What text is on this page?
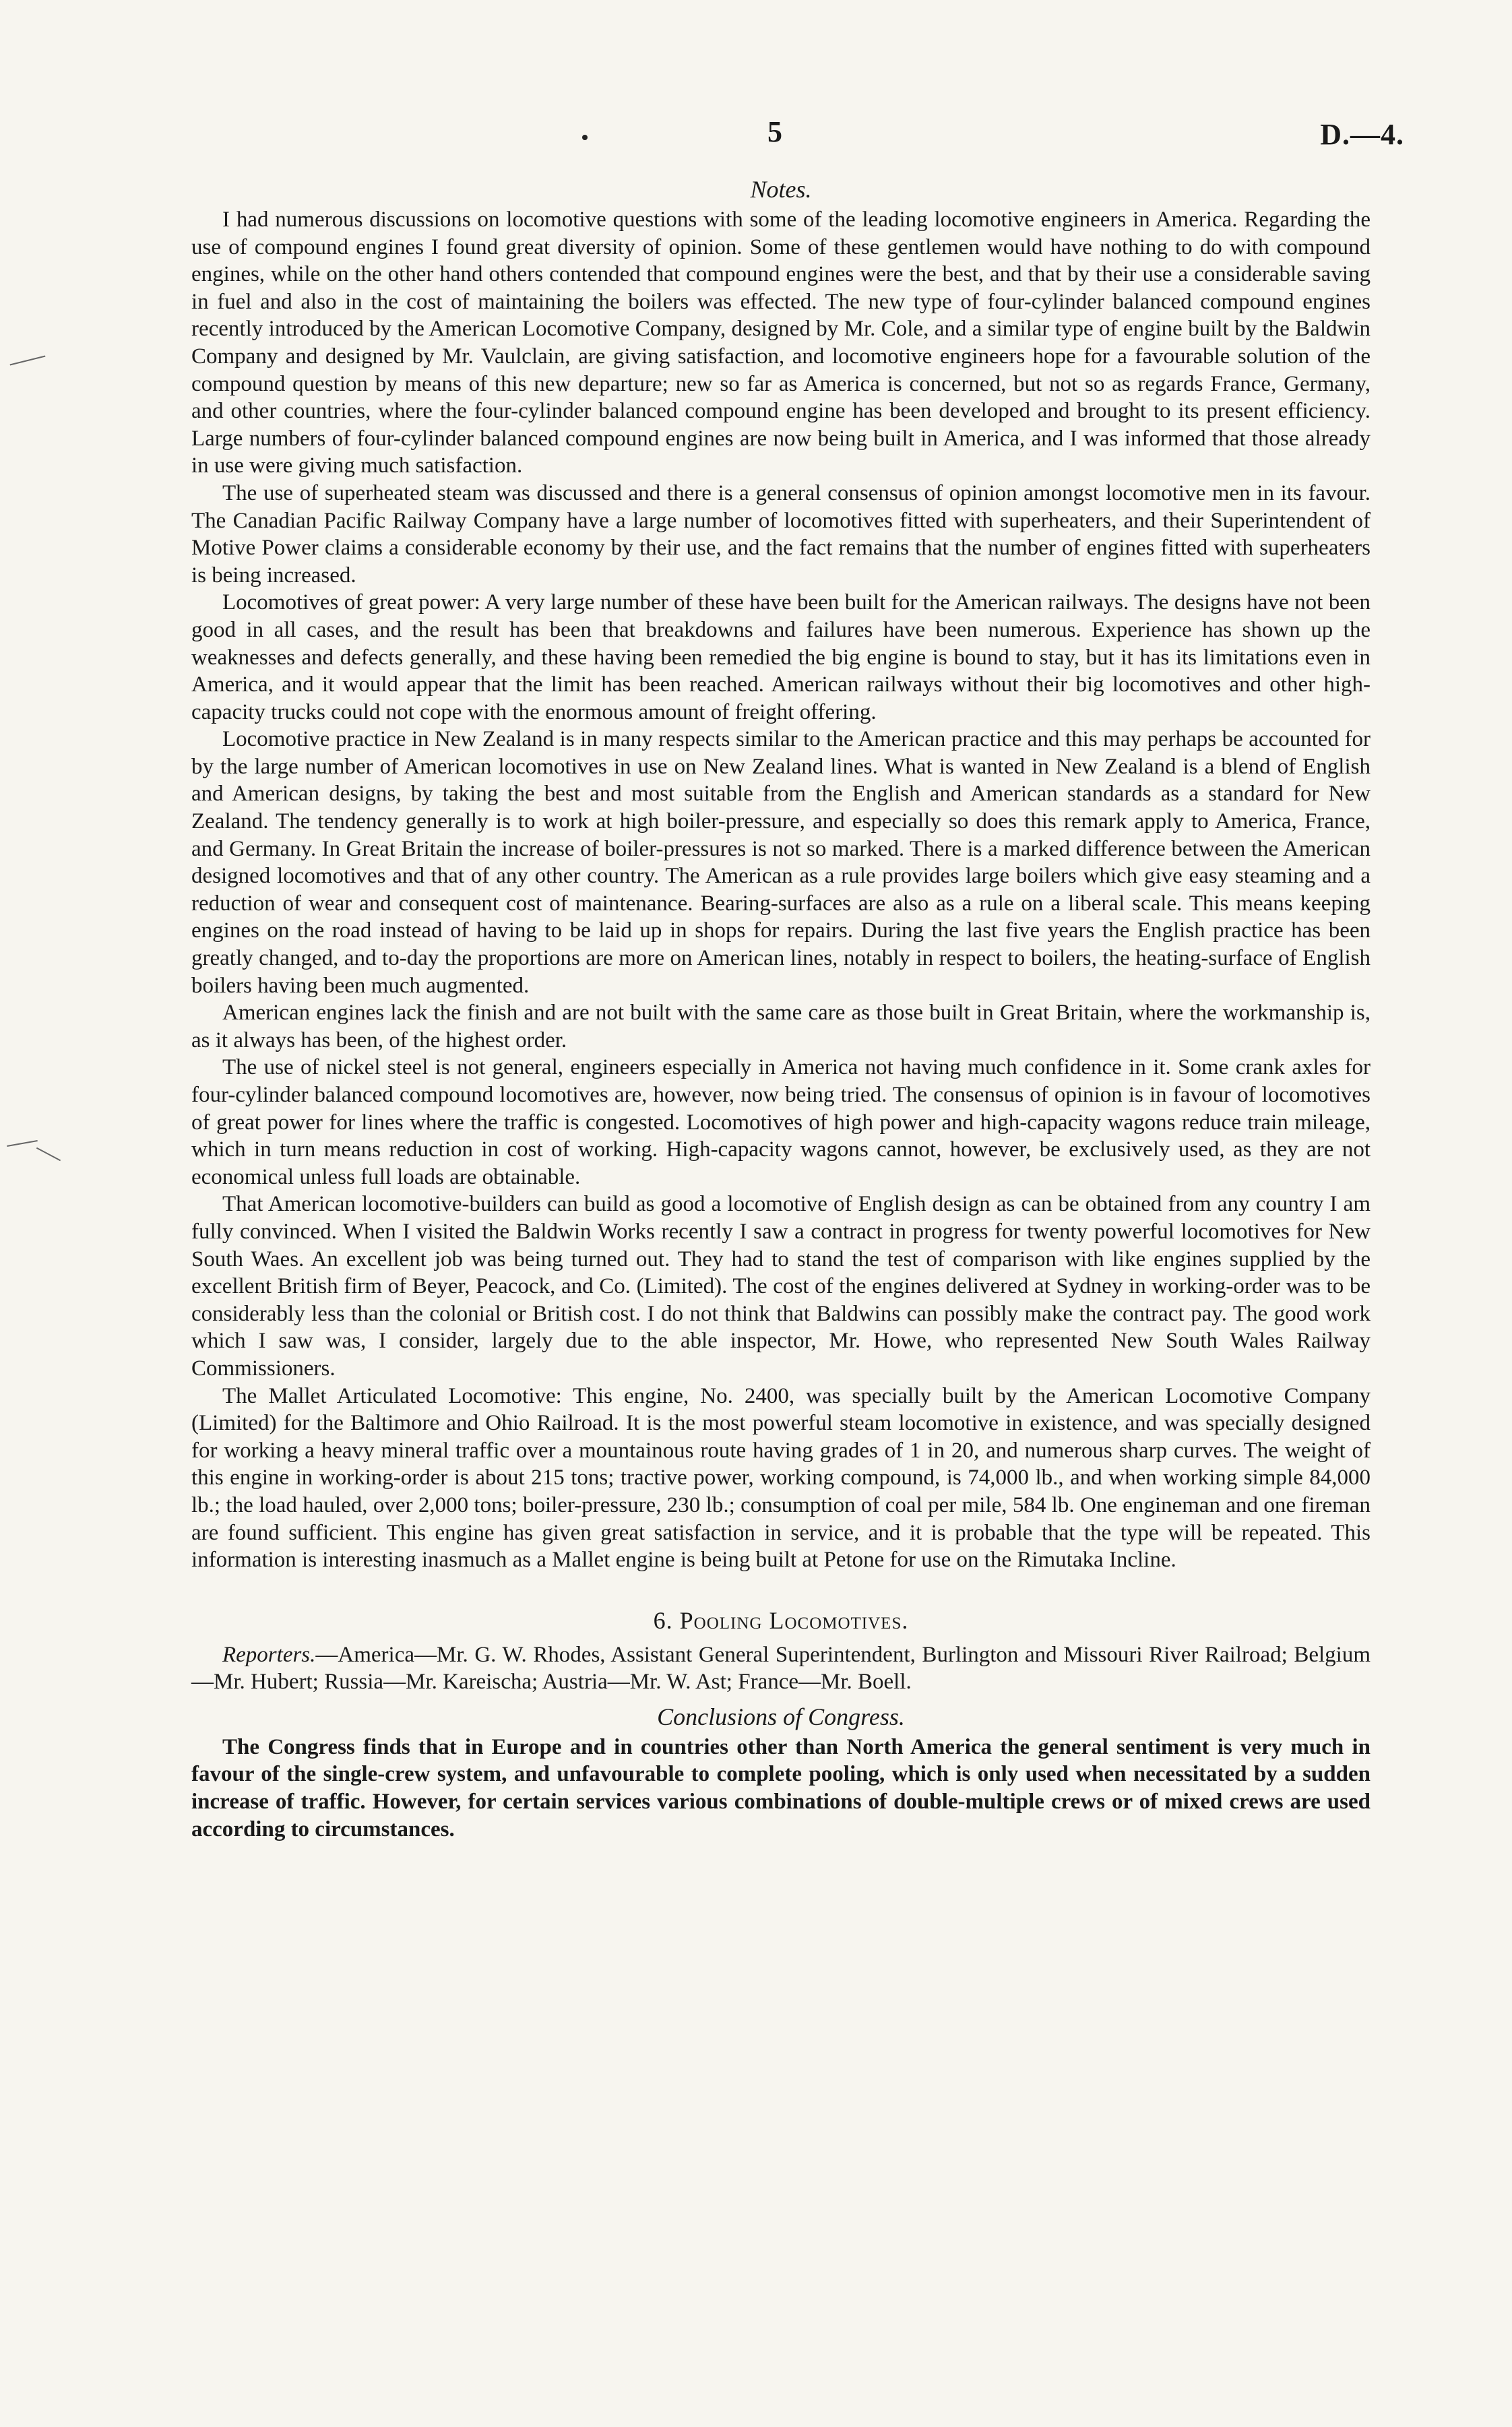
5	D.—4.
Notes.

I had numerous discussions on locomotive questions with some of the leading locomotive engineers in America. Regarding the use of compound engines I found great diversity of opinion. Some of these gentlemen would have nothing to do with compound engines, while on the other hand others contended that compound engines were the best, and that by their use a considerable saving in fuel and also in the cost of maintaining the boilers was effected. The new type of four-cylinder balanced compound engines recently introduced by the American Locomotive Company, designed by Mr. Cole, and a similar type of engine built by the Baldwin Company and designed by Mr. Vaulclain, are giving satisfaction, and locomotive engineers hope for a favourable solution of the compound question by means of this new departure; new so far as America is concerned, but not so as regards France, Germany, and other countries, where the four-cylinder balanced compound engine has been developed and brought to its present efficiency. Large numbers of four-cylinder balanced compound engines are now being built in America, and I was informed that those already in use were giving much satisfaction.

The use of superheated steam was discussed and there is a general consensus of opinion amongst locomotive men in its favour. The Canadian Pacific Railway Company have a large number of locomotives fitted with superheaters, and their Superintendent of Motive Power claims a considerable economy by their use, and the fact remains that the number of engines fitted with superheaters is being increased.

Locomotives of great power: A very large number of these have been built for the American railways. The designs have not been good in all cases, and the result has been that breakdowns and failures have been numerous. Experience has shown up the weaknesses and defects generally, and these having been remedied the big engine is bound to stay, but it has its limitations even in America, and it would appear that the limit has been reached. American railways without their big locomotives and other high-capacity trucks could not cope with the enormous amount of freight offering.

Locomotive practice in New Zealand is in many respects similar to the American practice and this may perhaps be accounted for by the large number of American locomotives in use on New Zealand lines. What is wanted in New Zealand is a blend of English and American designs, by taking the best and most suitable from the English and American standards as a standard for New Zealand. The tendency generally is to work at high boiler-pressure, and especially so does this remark apply to America, France, and Germany. In Great Britain the increase of boiler-pressures is not so marked. There is a marked difference between the American designed locomotives and that of any other country. The American as a rule provides large boilers which give easy steaming and a reduction of wear and consequent cost of maintenance. Bearing-surfaces are also as a rule on a liberal scale. This means keeping engines on the road instead of having to be laid up in shops for repairs. During the last five years the English practice has been greatly changed, and to-day the proportions are more on American lines, notably in respect to boilers, the heating-surface of English boilers having been much augmented.

American engines lack the finish and are not built with the same care as those built in Great Britain, where the workmanship is, as it always has been, of the highest order.

The use of nickel steel is not general, engineers especially in America not having much confidence in it. Some crank axles for four-cylinder balanced compound locomotives are, however, now being tried. The consensus of opinion is in favour of locomotives of great power for lines where the traffic is congested. Locomotives of high power and high-capacity wagons reduce train mileage, which in turn means reduction in cost of working. High-capacity wagons cannot, however, be exclusively used, as they are not economical unless full loads are obtainable.

That American locomotive-builders can build as good a locomotive of English design as can be obtained from any country I am fully convinced. When I visited the Baldwin Works recently I saw a contract in progress for twenty powerful locomotives for New South Waes. An excellent job was being turned out. They had to stand the test of comparison with like engines supplied by the excellent British firm of Beyer, Peacock, and Co. (Limited). The cost of the engines delivered at Sydney in working-order was to be considerably less than the colonial or British cost. I do not think that Baldwins can possibly make the contract pay. The good work which I saw was, I consider, largely due to the able inspector, Mr. Howe, who represented New South Wales Railway Commissioners.

The Mallet Articulated Locomotive: This engine, No. 2400, was specially built by the American Locomotive Company (Limited) for the Baltimore and Ohio Railroad. It is the most powerful steam locomotive in existence, and was specially designed for working a heavy mineral traffic over a mountainous route having grades of 1 in 20, and numerous sharp curves. The weight of this engine in working-order is about 215 tons; tractive power, working compound, is 74,000 lb., and when working simple 84,000 lb.; the load hauled, over 2,000 tons; boiler-pressure, 230 lb.; consumption of coal per mile, 584 lb. One engineman and one fireman are found sufficient. This engine has given great satisfaction in service, and it is probable that the type will be repeated. This information is interesting inasmuch as a Mallet engine is being built at Petone for use on the Rimutaka Incline.

6. Pooling Locomotives.

Reporters.—America—Mr. G. W. Rhodes, Assistant General Superintendent, Burlington and Missouri River Railroad; Belgium—Mr. Hubert; Russia—Mr. Kareischa; Austria—Mr. W. Ast; France—Mr. Boell.

Conclusions of Congress.

The Congress finds that in Europe and in countries other than North America the general sentiment is very much in favour of the single-crew system, and unfavourable to complete pooling, which is only used when necessitated by a sudden increase of traffic. However, for certain services various combinations of double-multiple crews or of mixed crews are used according to circumstances.
